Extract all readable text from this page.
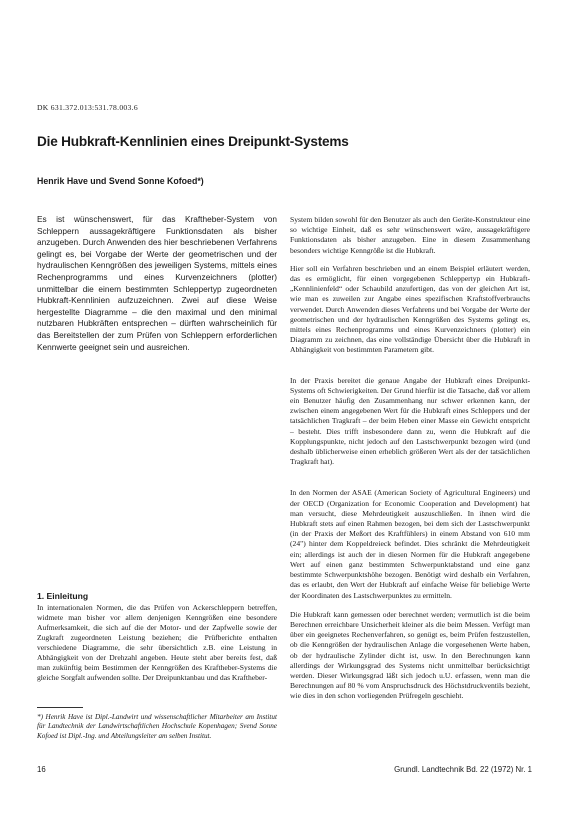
DK 631.372.013:531.78.003.6
Die Hubkraft-Kennlinien eines Dreipunkt-Systems
Henrik Have und Svend Sonne Kofoed*)
Es ist wünschenswert, für das Kraftheber-System von Schleppern aussagekräftigere Funktionsdaten als bisher anzugeben. Durch Anwenden des hier beschriebenen Verfahrens gelingt es, bei Vorgabe der Werte der geometrischen und der hydraulischen Kenngrößen des jeweiligen Systems, mittels eines Rechenprogramms und eines Kurvenzeichners (plotter) unmittelbar die einem bestimmten Schleppertyp zugeordneten Hubkraft-Kennlinien aufzuzeichnen. Zwei auf diese Weise hergestellte Diagramme – die den maximal und den minimal nutzbaren Hubkräften entsprechen – dürften wahrscheinlich für das Bereitstellen der zum Prüfen von Schleppern erforderlichen Kennwerte geeignet sein und ausreichen.
1. Einleitung
In internationalen Normen, die das Prüfen von Ackerschleppern betreffen, widmete man bisher vor allem denjenigen Kenngrößen eine besondere Aufmerksamkeit, die sich auf die der Motor- und der Zapfwelle sowie der Zugkraft zugeordneten Leistung beziehen; die Prüfberichte enthalten verschiedene Diagramme, die sehr übersichtlich z.B. eine Leistung in Abhängigkeit von der Drehzahl angeben. Heute steht aber bereits fest, daß man zukünftig beim Bestimmen der Kenngrößen des Kraftheber-Systems die gleiche Sorgfalt aufwenden sollte. Der Dreipunktanbau und das Kraftheber-
*) Henrik Have ist Dipl.-Landwirt und wissenschaftlicher Mitarbeiter am Institut für Landtechnik der Landwirtschaftlichen Hochschule Kopenhagen; Svend Sonne Kofoed ist Dipl.-Ing. und Abteilungsleiter am selben Institut.

System bilden sowohl für den Benutzer als auch den Geräte-Konstrukteur eine so wichtige Einheit, daß es sehr wünschenswert wäre, aussagekräftigere Funktionsdaten als bisher anzugeben. Eine in diesem Zusammenhang besonders wichtige Kenngröße ist die Hubkraft.

Hier soll ein Verfahren beschrieben und an einem Beispiel erläutert werden, das es ermöglicht, für einen vorgegebenen Schleppertyp ein Hubkraft-„Kennlinienfeld“ oder Schaubild anzufertigen, das von der gleichen Art ist, wie man es zuweilen zur Angabe eines spezifischen Kraftstoffverbrauchs verwendet. Durch Anwenden dieses Verfahrens und bei Vorgabe der Werte der geometrischen und der hydraulischen Kenngrößen des Systems gelingt es, mittels eines Rechenprogramms und eines Kurvenzeichners (plotter) ein Diagramm zu zeichnen, das eine vollständige Übersicht über die Hubkraft in Abhängigkeit von bestimmten Parametern gibt.

In der Praxis bereitet die genaue Angabe der Hubkraft eines Dreipunkt-Systems oft Schwierigkeiten. Der Grund hierfür ist die Tatsache, daß vor allem ein Benutzer häufig den Zusammenhang nur schwer erkennen kann, der zwischen einem angegebenen Wert für die Hubkraft eines Schleppers und der tatsächlichen Tragkraft – der beim Heben einer Masse ein Gewicht entspricht – besteht. Dies trifft insbesondere dann zu, wenn die Hubkraft auf die Kopplungspunkte, nicht jedoch auf den Lastschwerpunkt bezogen wird (und deshalb üblicherweise einen erheblich größeren Wert als der der tatsächlichen Tragkraft hat).

In den Normen der ASAE (American Society of Agricultural Engineers) und der OECD (Organization for Economic Cooperation and Development) hat man versucht, diese Mehrdeutigkeit auszuschließen. In ihnen wird die Hubkraft stets auf einen Rahmen bezogen, bei dem sich der Lastschwerpunkt (in der Praxis der Meßort des Kraftfühlers) in einem Abstand von 610 mm (24") hinter dem Koppeldreieck befindet. Dies schränkt die Mehrdeutigkeit ein; allerdings ist auch der in diesen Normen für die Hubkraft angegebene Wert auf einen ganz bestimmten Schwerpunktabstand und eine ganz bestimmte Schwerpunktshöhe bezogen. Benötigt wird deshalb ein Verfahren, das es erlaubt, den Wert der Hubkraft auf einfache Weise für beliebige Werte der Koordinaten des Lastschwerpunktes zu ermitteln.

Die Hubkraft kann gemessen oder berechnet werden; vermutlich ist die beim Berechnen erreichbare Unsicherheit kleiner als die beim Messen. Verfügt man über ein geeignetes Rechenverfahren, so genügt es, beim Prüfen festzustellen, ob die Kenngrößen der hydraulischen Anlage die vorgesehenen Werte haben, ob der hydraulische Zylinder dicht ist, usw. In den Berechnungen kann allerdings der Wirkungsgrad des Systems nicht unmittelbar berücksichtigt werden. Dieser Wirkungsgrad läßt sich jedoch u.U. erfassen, wenn man die Berechnungen auf 80 % vom Anspruchsdruck des Höchstdruckventils bezieht, wie dies in den schon vorliegenden Prüfregeln geschieht.

16	Grundl. Landtechnik Bd. 22 (1972) Nr. 1
